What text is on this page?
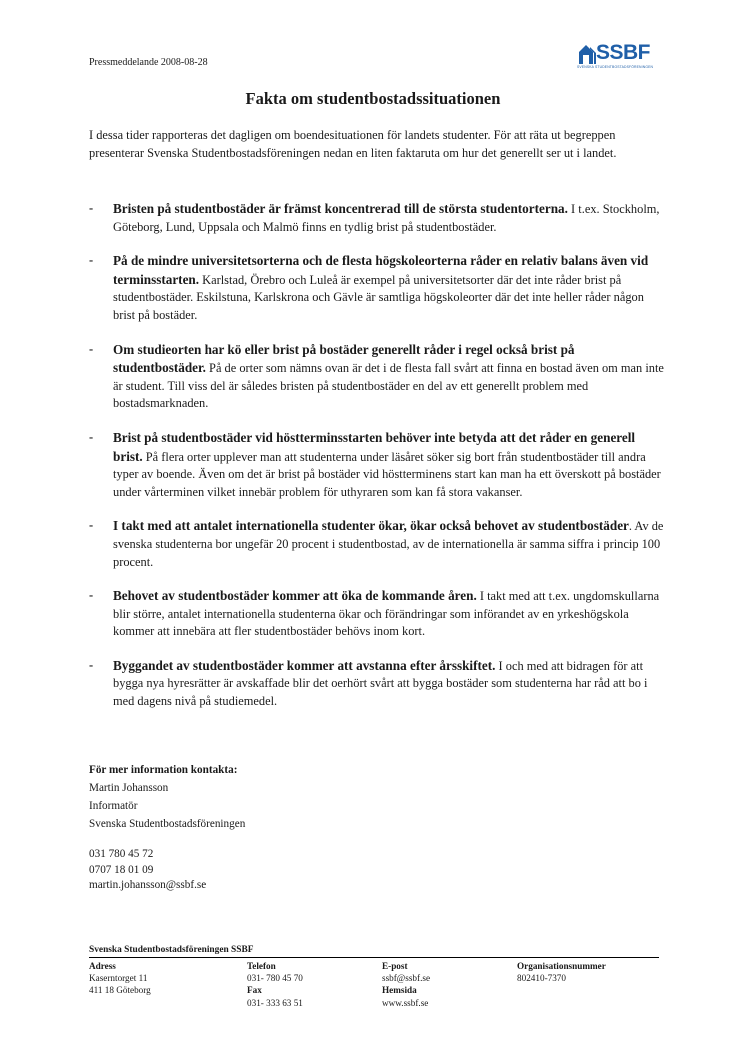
Pressmeddelande 2008-08-28	SSBF
SVENSKA STUDENTBOSTADSFÖRENINGEN
Fakta om studentbostadssituationen
I dessa tider rapporteras det dagligen om boendesituationen för landets studenter. För att räta ut begreppen presenterar Svenska Studentbostadsföreningen nedan en liten faktaruta om hur det generellt ser ut i landet.
- Bristen på studentbostäder är främst koncentrerad till de största studentorterna. I t.ex. Stockholm, Göteborg, Lund, Uppsala och Malmö finns en tydlig brist på studentbostäder.
- På de mindre universitetsorterna och de flesta högskoleorterna råder en relativ balans även vid terminsstarten. Karlstad, Örebro och Luleå är exempel på universitetsorter där det inte råder brist på studentbostäder. Eskilstuna, Karlskrona och Gävle är samtliga högskoleorter där det inte heller råder någon brist på bostäder.
- Om studieorten har kö eller brist på bostäder generellt råder i regel också brist på studentbostäder. På de orter som nämns ovan är det i de flesta fall svårt att finna en bostad även om man inte är student. Till viss del är således bristen på studentbostäder en del av ett generellt problem med bostadsmarknaden.
- Brist på studentbostäder vid höstterminsstarten behöver inte betyda att det råder en generell brist. På flera orter upplever man att studenterna under läsåret söker sig bort från studentbostäder till andra typer av boende. Även om det är brist på bostäder vid höstterminens start kan man ha ett överskott på bostäder under vårterminen vilket innebär problem för uthyraren som kan få stora vakanser.
- I takt med att antalet internationella studenter ökar, ökar också behovet av studentbostäder. Av de svenska studenterna bor ungefär 20 procent i studentbostad, av de internationella är samma siffra i princip 100 procent.
- Behovet av studentbostäder kommer att öka de kommande åren. I takt med att t.ex. ungdomskullarna blir större, antalet internationella studenterna ökar och förändringar som införandet av en yrkeshögskola kommer att innebära att fler studentbostäder behövs inom kort.
- Byggandet av studentbostäder kommer att avstanna efter årsskiftet. I och med att bidragen för att bygga nya hyresrätter är avskaffade blir det oerhört svårt att bygga bostäder som studenterna har råd att bo i med dagens nivå på studiemedel.
För mer information kontakta:
Martin Johansson
Informatör
Svenska Studentbostadsföreningen
031 780 45 72
0707 18 01 09
martin.johansson@ssbf.se
Svenska Studentbostadsföreningen SSBF
Adress
Kaserntorget 11
411 18 Göteborg
Telefon
031- 780 45 70
Fax
031- 333 63 51
E-post
ssbf@ssbf.se
Hemsida
www.ssbf.se
Organisationsnummer
802410-7370
